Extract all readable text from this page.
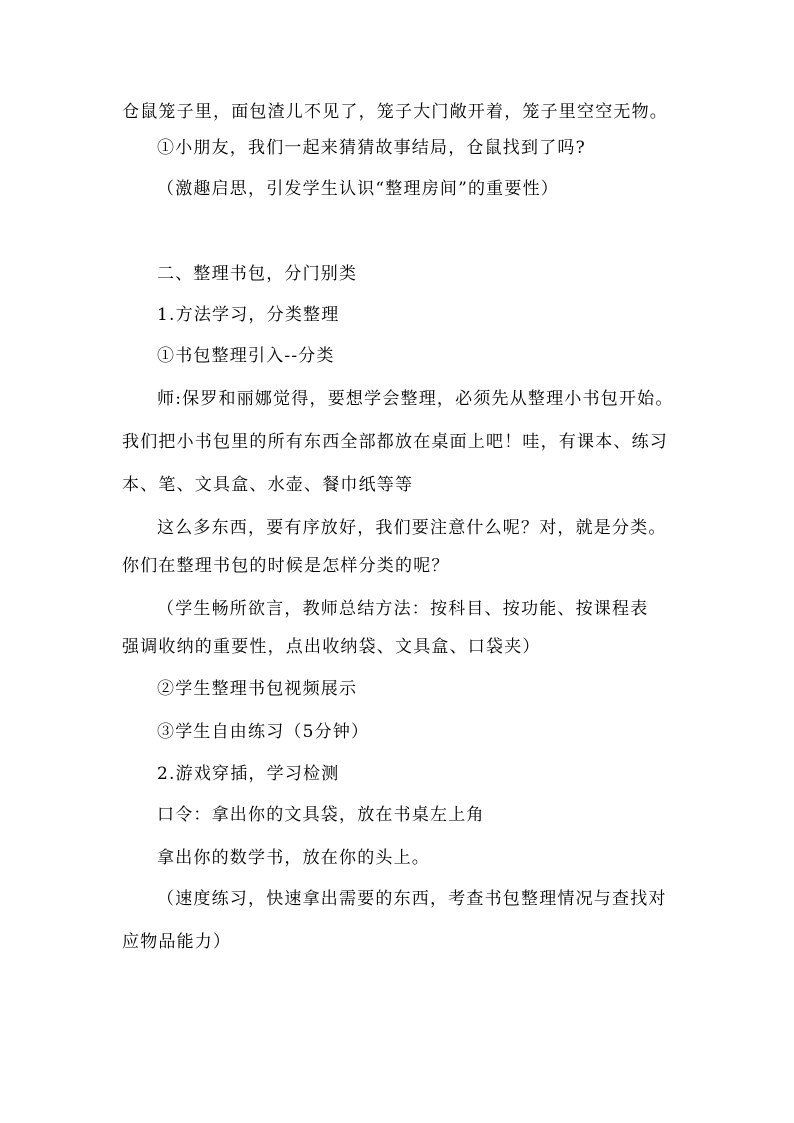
仓鼠笼子里，面包渣儿不见了，笼子大门敞开着，笼子里空空无物。
①小朋友，我们一起来猜猜故事结局，仓鼠找到了吗?
（激趣启思，引发学生认识“整理房间”的重要性）
二、整理书包，分门别类
1.方法学习，分类整理
①书包整理引入--分类
师:保罗和丽娜觉得，要想学会整理，必须先从整理小书包开始。
我们把小书包里的所有东西全部都放在桌面上吧！哇，有课本、练习
本、笔、文具盒、水壶、餐巾纸等等
这么多东西，要有序放好，我们要注意什么呢？对，就是分类。
你们在整理书包的时候是怎样分类的呢？
（学生畅所欲言，教师总结方法：按科目、按功能、按课程表
强调收纳的重要性，点出收纳袋、文具盒、口袋夹）
②学生整理书包视频展示
③学生自由练习（5分钟）
2.游戏穿插，学习检测
口令：拿出你的文具袋，放在书桌左上角
拿出你的数学书，放在你的头上。
（速度练习，快速拿出需要的东西，考查书包整理情况与查找对
应物品能力）
